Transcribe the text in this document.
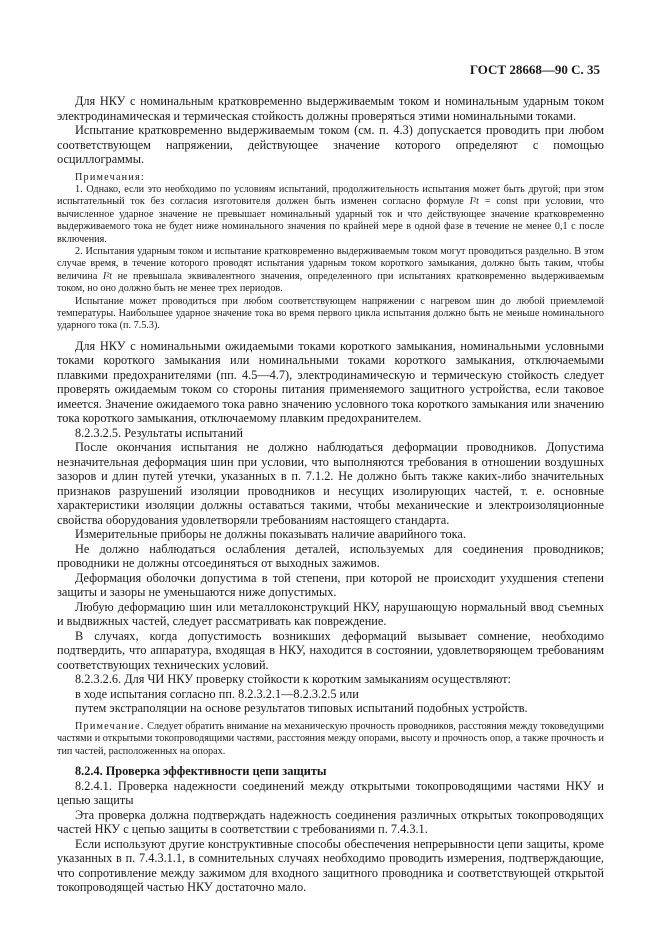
ГОСТ 28668—90 С. 35

Для НКУ с номинальным кратковременно выдерживаемым током и номинальным ударным током электродинамическая и термическая стойкость должны проверяться этими номинальными токами.

Испытание кратковременно выдерживаемым током (см. п. 4.3) допускается проводить при любом соответствующем напряжении, действующее значение которого определяют с помощью осциллограммы.

Примечания:

1. Однако, если это необходимо по условиям испытаний, продолжительность испытания может быть другой; при этом испытательный ток без согласия изготовителя должен быть изменен согласно формуле I²t = const при условии, что вычисленное ударное значение не превышает номинальный ударный ток и что действующее значение кратковременно выдерживаемого тока не будет ниже номинального значения по крайней мере в одной фазе в течение не менее 0,1 с после включения.

2. Испытания ударным током и испытание кратковременно выдерживаемым током могут проводиться раздельно. В этом случае время, в течение которого проводят испытания ударным током короткого замыкания, должно быть таким, чтобы величина I²t не превышала эквивалентного значения, определенного при испытаниях кратковременно выдерживаемым током, но оно должно быть не менее трех периодов.

Испытание может проводиться при любом соответствующем напряжении с нагревом шин до любой приемлемой температуры. Наибольшее ударное значение тока во время первого цикла испытания должно быть не меньше номинального ударного тока (п. 7.5.3).

Для НКУ с номинальными ожидаемыми токами короткого замыкания, номинальными условными токами короткого замыкания или номинальными токами короткого замыкания, отключаемыми плавкими предохранителями (пп. 4.5—4.7), электродинамическую и термическую стойкость следует проверять ожидаемым током со стороны питания применяемого защитного устройства, если таковое имеется. Значение ожидаемого тока равно значению условного тока короткого замыкания или значению тока короткого замыкания, отключаемому плавким предохранителем.

8.2.3.2.5. Результаты испытаний

После окончания испытания не должно наблюдаться деформации проводников. Допустима незначительная деформация шин при условии, что выполняются требования в отношении воздушных зазоров и длин путей утечки, указанных в п. 7.1.2. Не должно быть также каких-либо значительных признаков разрушений изоляции проводников и несущих изолирующих частей, т. е. основные характеристики изоляции должны оставаться такими, чтобы механические и электроизоляционные свойства оборудования удовлетворяли требованиям настоящего стандарта.

Измерительные приборы не должны показывать наличие аварийного тока.

Не должно наблюдаться ослабления деталей, используемых для соединения проводников; проводники не должны отсоединяться от выходных зажимов.

Деформация оболочки допустима в той степени, при которой не происходит ухудшения степени защиты и зазоры не уменьшаются ниже допустимых.

Любую деформацию шин или металлоконструкций НКУ, нарушающую нормальный ввод съемных и выдвижных частей, следует рассматривать как повреждение.

В случаях, когда допустимость возникших деформаций вызывает сомнение, необходимо подтвердить, что аппаратура, входящая в НКУ, находится в состоянии, удовлетворяющем требованиям соответствующих технических условий.

8.2.3.2.6. Для ЧИ НКУ проверку стойкости к коротким замыканиям осуществляют:

в ходе испытания согласно пп. 8.2.3.2.1—8.2.3.2.5 или

путем экстраполяции на основе результатов типовых испытаний подобных устройств.

Примечание. Следует обратить внимание на механическую прочность проводников, расстояния между токоведущими частями и открытыми токопроводящими частями, расстояния между опорами, высоту и прочность опор, а также прочность и тип частей, расположенных на опорах.

8.2.4. Проверка эффективности цепи защиты

8.2.4.1. Проверка надежности соединений между открытыми токопроводящими частями НКУ и цепью защиты

Эта проверка должна подтверждать надежность соединения различных открытых токопроводящих частей НКУ с цепью защиты в соответствии с требованиями п. 7.4.3.1.

Если используют другие конструктивные способы обеспечения непрерывности цепи защиты, кроме указанных в п. 7.4.3.1.1, в сомнительных случаях необходимо проводить измерения, подтверждающие, что сопротивление между зажимом для входного защитного проводника и соответствующей открытой токопроводящей частью НКУ достаточно мало.
